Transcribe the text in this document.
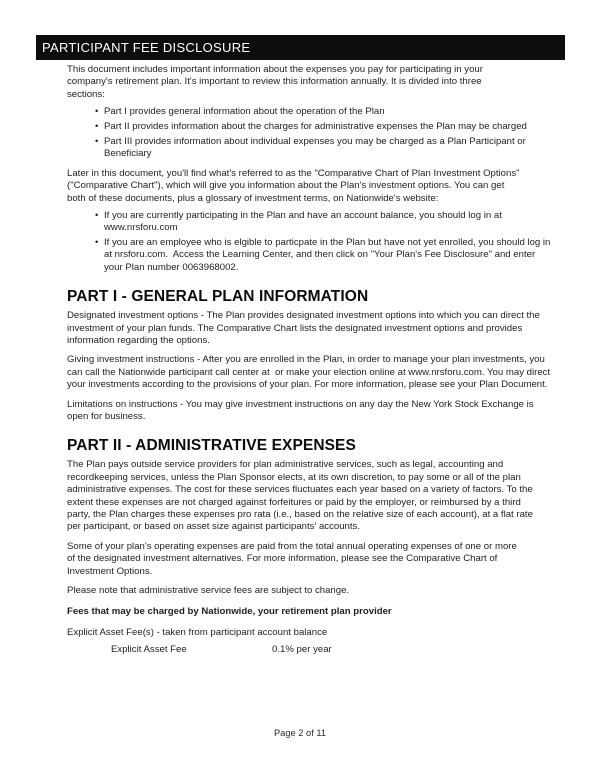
PARTICIPANT FEE DISCLOSURE

This document includes important information about the expenses you pay for participating in your company's retirement plan. It's important to review this information annually. It is divided into three sections:

• Part I provides general information about the operation of the Plan
• Part II provides information about the charges for administrative expenses the Plan may be charged
• Part III provides information about individual expenses you may be charged as a Plan Participant or Beneficiary

Later in this document, you'll find what's referred to as the "Comparative Chart of Plan Investment Options" ("Comparative Chart"), which will give you information about the Plan's investment options. You can get both of these documents, plus a glossary of investment terms, on Nationwide's website:

• If you are currently participating in the Plan and have an account balance, you should log in at www.nrsforu.com
• If you are an employee who is elgible to particpate in the Plan but have not yet enrolled, you should log in at nrsforu.com.  Access the Learning Center, and then click on "Your Plan's Fee Disclosure" and enter your Plan number 0063968002.
PART I - GENERAL PLAN INFORMATION

Designated investment options - The Plan provides designated investment options into which you can direct the investment of your plan funds. The Comparative Chart lists the designated investment options and provides information regarding the options.

Giving investment instructions - After you are enrolled in the Plan, in order to manage your plan investments, you can call the Nationwide participant call center at  or make your election online at www.nrsforu.com. You may direct your investments according to the provisions of your plan. For more information, please see your Plan Document.

Limitations on instructions - You may give investment instructions on any day the New York Stock Exchange is open for business.

PART II - ADMINISTRATIVE EXPENSES

The Plan pays outside service providers for plan administrative services, such as legal, accounting and recordkeeping services, unless the Plan Sponsor elects, at its own discretion, to pay some or all of the plan administrative expenses. The cost for these services fluctuates each year based on a variety of factors. To the extent these expenses are not charged against forfeitures or paid by the employer, or reimbursed by a third party, the Plan charges these expenses pro rata (i.e., based on the relative size of each account), at a flat rate per participant, or based on asset size against participants' accounts.

Some of your plan's operating expenses are paid from the total annual operating expenses of one or more of the designated investment alternatives. For more information, please see the Comparative Chart of Investment Options.

Please note that administrative service fees are subject to change.

Fees that may be charged by Nationwide, your retirement plan provider

Explicit Asset Fee(s) - taken from participant account balance

Explicit Asset Fee	0.1% per year
Page 2 of 11
